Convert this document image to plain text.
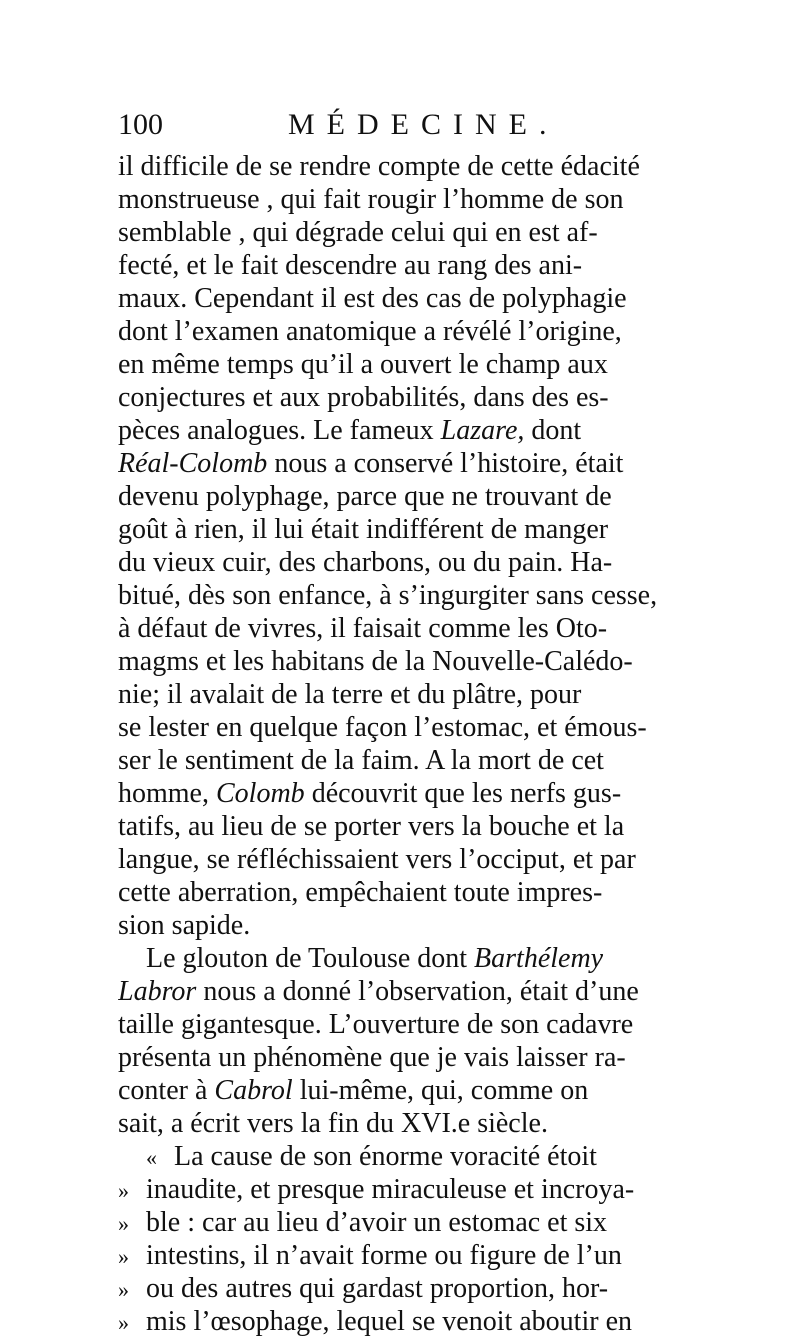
100	MÉDECINE.
il difficile de se rendre compte de cette édacité
monstrueuse , qui fait rougir l’homme de son
semblable , qui dégrade celui qui en est af-
fecté, et le fait descendre au rang des ani-
maux. Cependant il est des cas de polyphagie
dont l’examen anatomique a révélé l’origine,
en même temps qu’il a ouvert le champ aux
conjectures et aux probabilités, dans des es-
pèces analogues. Le fameux Lazare, dont
Réal-Colomb nous a conservé l’histoire, était
devenu polyphage, parce que ne trouvant de
goût à rien, il lui était indifférent de manger
du vieux cuir, des charbons, ou du pain. Ha-
bitué, dès son enfance, à s’ingurgiter sans cesse,
à défaut de vivres, il faisait comme les Oto-
magms et les habitans de la Nouvelle-Calédo-
nie; il avalait de la terre et du plâtre, pour
se lester en quelque façon l’estomac, et émous-
ser le sentiment de la faim. A la mort de cet
homme, Colomb découvrit que les nerfs gus-
tatifs, au lieu de se porter vers la bouche et la
langue, se réfléchissaient vers l’occiput, et par
cette aberration, empêchaient toute impres-
sion sapide.
Le glouton de Toulouse dont Barthélemy
Labror nous a donné l’observation, était d’une
taille gigantesque. L’ouverture de son cadavre
présenta un phénomène que je vais laisser ra-
conter à Cabrol lui-même, qui, comme on
sait, a écrit vers la fin du XVI.e siècle.
« La cause de son énorme voracité étoit
» inaudite, et presque miraculeuse et incroya-
» ble : car au lieu d’avoir un estomac et six
» intestins, il n’avait forme ou figure de l’un
» ou des autres qui gardast proportion, hor-
» mis l’œsophage, lequel se venoit aboutir en
